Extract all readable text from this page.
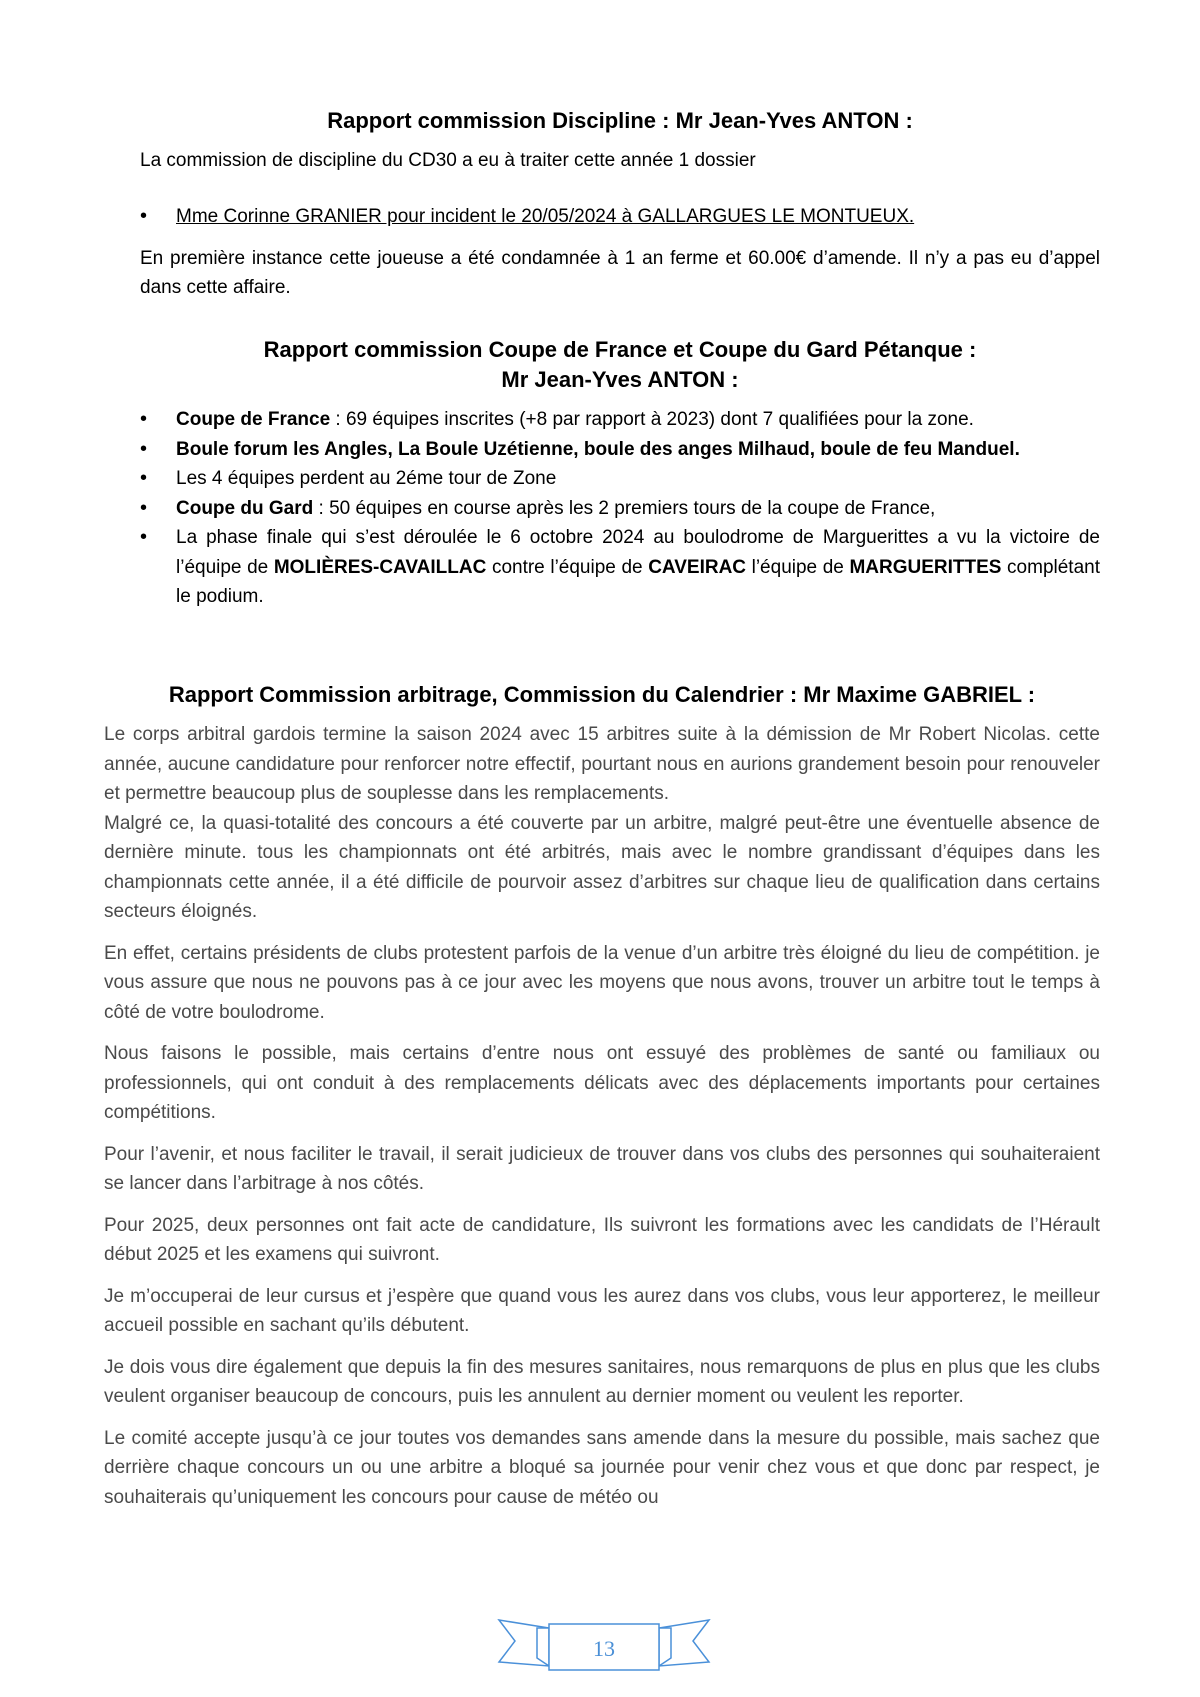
Rapport commission Discipline : Mr Jean-Yves ANTON :

La commission de discipline du CD30 a eu à traiter cette année 1 dossier

• Mme Corinne GRANIER pour incident le 20/05/2024 à GALLARGUES LE MONTUEUX.

En première instance cette joueuse a été condamnée à 1 an ferme et 60.00€ d’amende. Il n’y a pas eu d’appel dans cette affaire.

Rapport commission Coupe de France et Coupe du Gard Pétanque :
Mr Jean-Yves ANTON :
• Coupe de France : 69 équipes inscrites (+8 par rapport à 2023) dont 7 qualifiées pour la zone.
• Boule forum les Angles, La Boule Uzétienne, boule des anges Milhaud, boule de feu Manduel.
• Les 4 équipes perdent au 2éme tour de Zone
• Coupe du Gard : 50 équipes en course après les 2 premiers tours de la coupe de France,
• La phase finale qui s’est déroulée le 6 octobre 2024 au boulodrome de Marguerittes a vu la victoire de l’équipe de MOLIÈRES-CAVAILLAC contre l’équipe de CAVEIRAC l’équipe de MARGUERITTES complétant le podium.
Rapport Commission arbitrage, Commission du Calendrier : Mr Maxime GABRIEL :

Le corps arbitral gardois termine la saison 2024 avec 15 arbitres suite à la démission de Mr Robert Nicolas. cette année, aucune candidature pour renforcer notre effectif, pourtant nous en aurions grandement besoin pour renouveler et permettre beaucoup plus de souplesse dans les remplacements.

Malgré ce, la quasi-totalité des concours a été couverte par un arbitre, malgré peut-être une éventuelle absence de dernière minute. tous les championnats ont été arbitrés, mais avec le nombre grandissant d’équipes dans les championnats cette année, il a été difficile de pourvoir assez d’arbitres sur chaque lieu de qualification dans certains secteurs éloignés.

En effet, certains présidents de clubs protestent parfois de la venue d’un arbitre très éloigné du lieu de compétition. je vous assure que nous ne pouvons pas à ce jour avec les moyens que nous avons, trouver un arbitre tout le temps à côté de votre boulodrome.

Nous faisons le possible, mais certains d’entre nous ont essuyé des problèmes de santé ou familiaux ou professionnels, qui ont conduit à des remplacements délicats avec des déplacements importants pour certaines compétitions.

Pour l’avenir, et nous faciliter le travail, il serait judicieux de trouver dans vos clubs des personnes qui souhaiteraient se lancer dans l’arbitrage à nos côtés.

Pour 2025, deux personnes ont fait acte de candidature, Ils suivront les formations avec les candidats de l’Hérault début 2025 et les examens qui suivront.

Je m’occuperai de leur cursus et j’espère que quand vous les aurez dans vos clubs, vous leur apporterez, le meilleur accueil possible en sachant qu’ils débutent.

Je dois vous dire également que depuis la fin des mesures sanitaires, nous remarquons de plus en plus que les clubs veulent organiser beaucoup de concours, puis les annulent au dernier moment ou veulent les reporter.

Le comité accepte jusqu’à ce jour toutes vos demandes sans amende dans la mesure du possible, mais sachez que derrière chaque concours un ou une arbitre a bloqué sa journée pour venir chez vous et que donc par respect, je souhaiterais qu’uniquement les concours pour cause de météo ou

13
